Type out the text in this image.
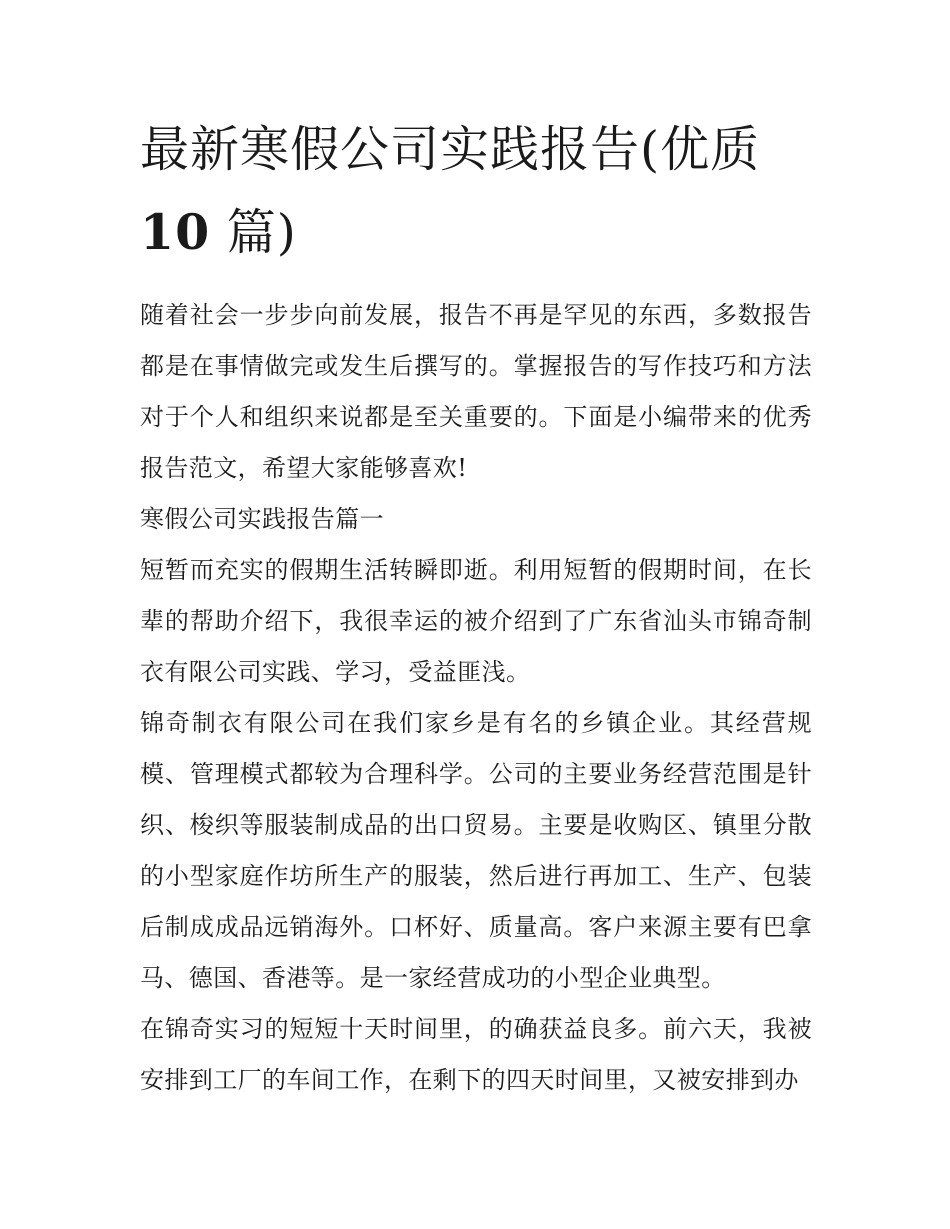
最新寒假公司实践报告(优质
10 篇)

随着社会一步步向前发展，报告不再是罕见的东西，多数报告都是在事情做完或发生后撰写的。掌握报告的写作技巧和方法对于个人和组织来说都是至关重要的。下面是小编带来的优秀报告范文，希望大家能够喜欢!

寒假公司实践报告篇一

短暂而充实的假期生活转瞬即逝。利用短暂的假期时间，在长辈的帮助介绍下，我很幸运的被介绍到了广东省汕头市锦奇制衣有限公司实践、学习，受益匪浅。

锦奇制衣有限公司在我们家乡是有名的乡镇企业。其经营规模、管理模式都较为合理科学。公司的主要业务经营范围是针织、梭织等服装制成品的出口贸易。主要是收购区、镇里分散的小型家庭作坊所生产的服装，然后进行再加工、生产、包装后制成成品远销海外。口杯好、质量高。客户来源主要有巴拿马、德国、香港等。是一家经营成功的小型企业典型。

在锦奇实习的短短十天时间里，的确获益良多。前六天，我被安排到工厂的车间工作，在剩下的四天时间里，又被安排到办
